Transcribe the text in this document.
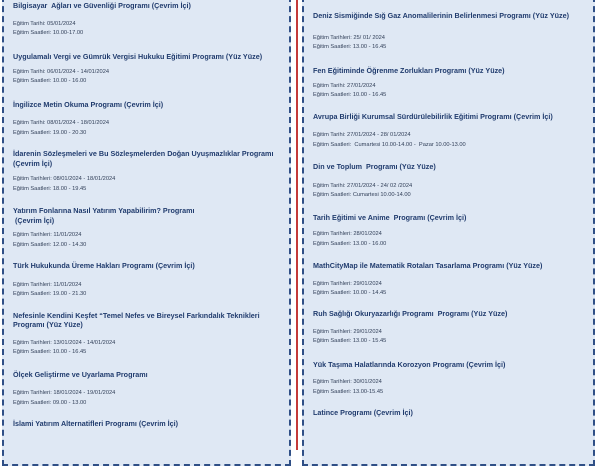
Bilgisayar  Ağları ve Güvenliği Programı (Çevrim İçi)
Eğitim Tarihi: 05/01/2024
Eğitim Saatleri: 10.00-17.00
Uygulamalı Vergi ve Gümrük Vergisi Hukuku Eğitimi Programı (Yüz Yüze)
Eğitim Tarihi: 06/01/2024 - 14/01/2024
Eğitim Saatleri: 10.00 - 16.00
İngilizce Metin Okuma Programı (Çevrim İçi)
Eğitim Tarihi: 08/01/2024 - 18/01/2024
Eğitim Saatleri: 19.00 - 20.30
İdarenin Sözleşmeleri ve Bu Sözleşmelerden Doğan Uyuşmazlıklar Programı (Çevrim İçi)
Eğitim Tarihleri: 08/01/2024 - 18/01/2024
Eğitim Saatleri: 18.00 - 19.45
Yatırım Fonlarına Nasıl Yatırım Yapabilirim? Programı
(Çevrim İçi)
Eğitim Tarihleri: 11/01/2024
Eğitim Saatleri: 12.00 - 14.30
Türk Hukukunda Üreme Hakları Programı (Çevrim İçi)
Eğitim Tarihleri: 11/01/2024
Eğitim Saatleri: 19.00 - 21.30
Nefesinle Kendini Keşfet “Temel Nefes ve Bireysel Farkındalık Teknikleri Programı (Yüz Yüze)
Eğitim Tarihleri: 13/01/2024 - 14/01/2024
Eğitim Saatleri: 10.00 - 16.45
Ölçek Geliştirme ve Uyarlama Programı
Eğitim Tarihleri: 18/01/2024 - 19/01/2024
Eğitim Saatleri: 09.00 - 13.00
İslami Yatırım Alternatifleri Programı (Çevrim İçi)
Deniz Sismiğinde Sığ Gaz Anomalilerinin Belirlenmesi Programı (Yüz Yüze)
Eğitim Tarihleri: 25/ 01/ 2024
Eğitim Saatleri: 13.00 - 16.45
Fen Eğitiminde Öğrenme Zorlukları Programı (Yüz Yüze)
Eğitim Tarihi: 27/01/2024
Eğitim Saatleri: 10.00 - 16.45
Avrupa Birliği Kurumsal Sürdürülebilirlik Eğitimi Programı (Çevrim İçi)
Eğitim Tarihi: 27/01/2024 - 28/ 01/2024
Eğitim Saatleri:  Cumartesi 10.00-14.00 -  Pazar 10.00-13.00
Din ve Toplum  Programı (Yüz Yüze)
Eğitim Tarihi: 27/01/2024 - 24/ 02 /2024
Eğitim Saatleri: Cumartesi 10.00-14.00
Tarih Eğitimi ve Anime  Programı (Çevrim İçi)
Eğitim Tarihleri: 28/01/2024
Eğitim Saatleri: 13.00 - 16.00
MathCityMap ile Matematik Rotaları Tasarlama Programı (Yüz Yüze)
Eğitim Tarihleri: 29/01/2024
Eğitim Saatleri: 10.00 - 14.45
Ruh Sağlığı Okuryazarlığı Programı  Programı (Yüz Yüze)
Eğitim Tarihleri: 29/01/2024
Eğitim Saatleri: 13.00 - 15.45
Yük Taşıma Halatlarında Korozyon Programı (Çevrim İçi)
Eğitim Tarihleri: 30/01/2024
Eğitim Saatleri: 13.00-15.45
Latince Programı (Çevrim İçi)
